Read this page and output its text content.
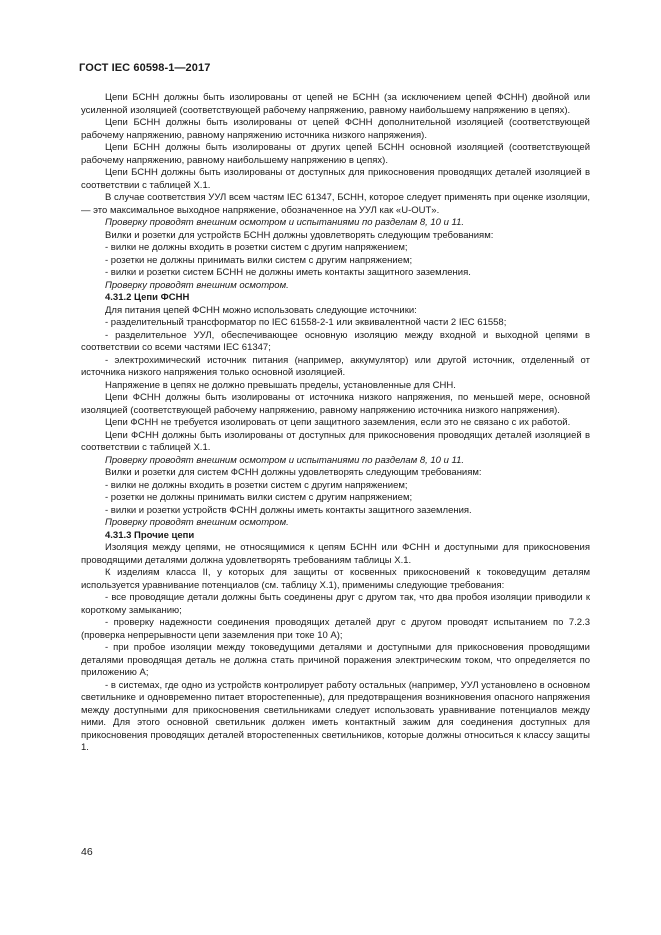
ГОСТ IEC 60598-1—2017

Цепи БСНН должны быть изолированы от цепей не БСНН (за исключением цепей ФСНН) двойной или усиленной изоляцией (соответствующей рабочему напряжению, равному наибольшему напряжению в цепях).

Цепи БСНН должны быть изолированы от цепей ФСНН дополнительной изоляцией (соответствующей рабочему напряжению, равному напряжению источника низкого напряжения).

Цепи БСНН должны быть изолированы от других цепей БСНН основной изоляцией (соответствующей рабочему напряжению, равному наибольшему напряжению в цепях).

Цепи БСНН должны быть изолированы от доступных для прикосновения проводящих деталей изоляцией в соответствии с таблицей X.1.

В случае соответствия УУЛ всем частям IEC 61347, БСНН, которое следует применять при оценке изоляции, — это максимальное выходное напряжение, обозначенное на УУЛ как «U-OUT».

Проверку проводят внешним осмотром и испытаниями по разделам 8, 10 и 11.

Вилки и розетки для устройств БСНН должны удовлетворять следующим требованиям:

- вилки не должны входить в розетки систем с другим напряжением;

- розетки не должны принимать вилки систем с другим напряжением;

- вилки и розетки систем БСНН не должны иметь контакты защитного заземления.

Проверку проводят внешним осмотром.

4.31.2 Цепи ФСНН

Для питания цепей ФСНН можно использовать следующие источники:

- разделительный трансформатор по IEC 61558-2-1 или эквивалентной части 2 IEC 61558;

- разделительное УУЛ, обеспечивающее основную изоляцию между входной и выходной цепями в соответствии со всеми частями IEC 61347;

- электрохимический источник питания (например, аккумулятор) или другой источник, отделенный от источника низкого напряжения только основной изоляцией.

Напряжение в цепях не должно превышать пределы, установленные для СНН.

Цепи ФСНН должны быть изолированы от источника низкого напряжения, по меньшей мере, основной изоляцией (соответствующей рабочему напряжению, равному напряжению источника низкого напряжения).

Цепи ФСНН не требуется изолировать от цепи защитного заземления, если это не связано с их работой.

Цепи ФСНН должны быть изолированы от доступных для прикосновения проводящих деталей изоляцией в соответствии с таблицей X.1.

Проверку проводят внешним осмотром и испытаниями по разделам 8, 10 и 11.

Вилки и розетки для систем ФСНН должны удовлетворять следующим требованиям:

- вилки не должны входить в розетки систем с другим напряжением;

- розетки не должны принимать вилки систем с другим напряжением;

- вилки и розетки устройств ФСНН должны иметь контакты защитного заземления.

Проверку проводят внешним осмотром.

4.31.3 Прочие цепи

Изоляция между цепями, не относящимися к цепям БСНН или ФСНН и доступными для прикосновения проводящими деталями должна удовлетворять требованиям таблицы X.1.

К изделиям класса II, у которых для защиты от косвенных прикосновений к токоведущим деталям используется уравнивание потенциалов (см. таблицу X.1), применимы следующие требования:

- все проводящие детали должны быть соединены друг с другом так, что два пробоя изоляции приводили к короткому замыканию;

- проверку надежности соединения проводящих деталей друг с другом проводят испытанием по 7.2.3 (проверка непрерывности цепи заземления при токе 10 А);

- при пробое изоляции между токоведущими деталями и доступными для прикосновения проводящими деталями проводящая деталь не должна стать причиной поражения электрическим током, что определяется по приложению А;

- в системах, где одно из устройств контролирует работу остальных (например, УУЛ установлено в основном светильнике и одновременно питает второстепенные), для предотвращения возникновения опасного напряжения между доступными для прикосновения светильниками следует использовать уравнивание потенциалов между ними. Для этого основной светильник должен иметь контактный зажим для соединения доступных для прикосновения проводящих деталей второстепенных светильников, которые должны относиться к классу защиты 1.

46
